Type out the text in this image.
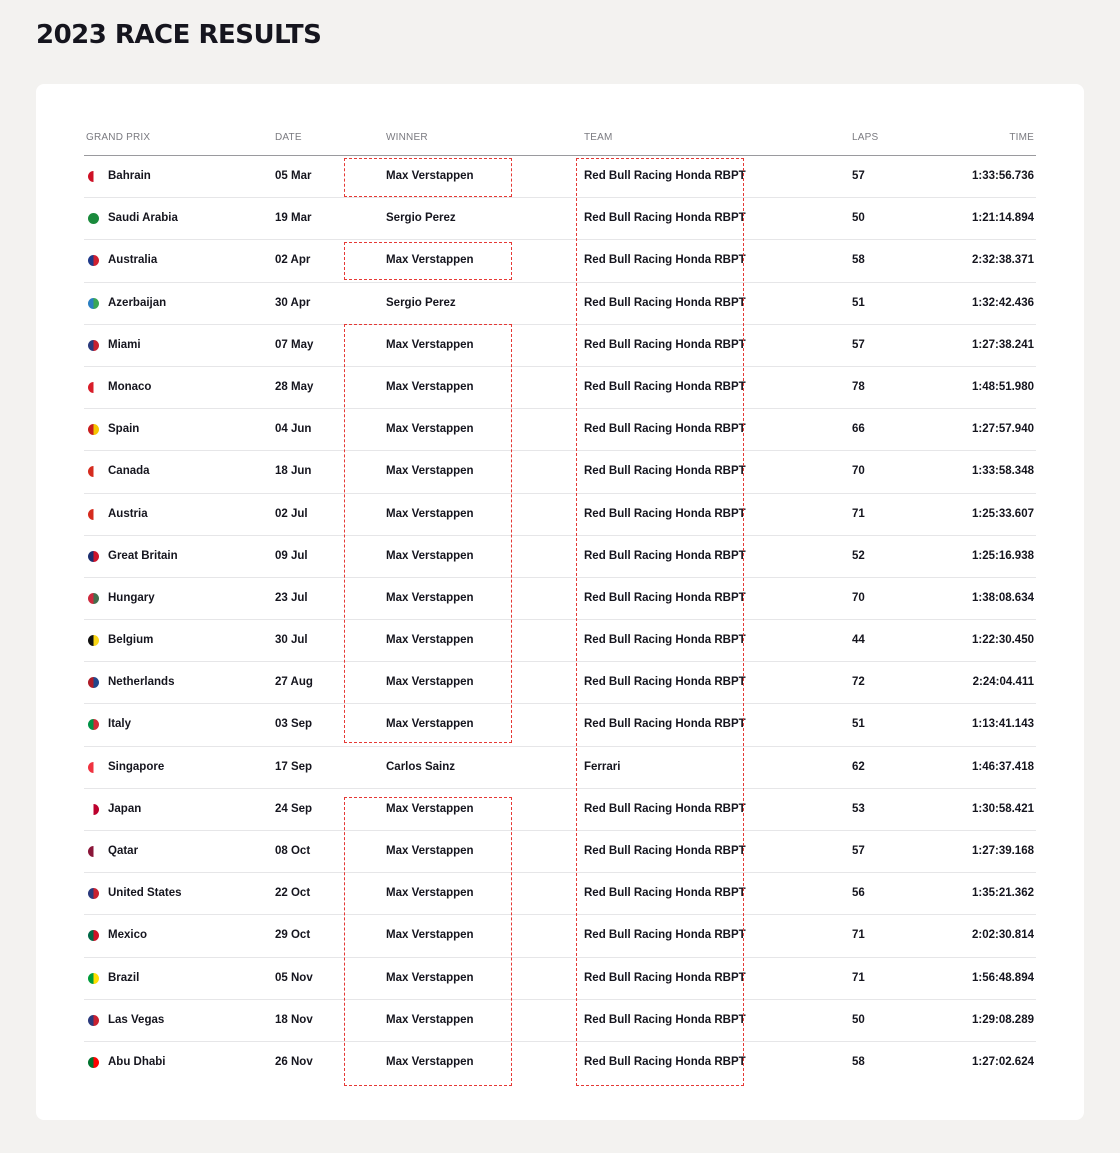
2023 RACE RESULTS
GRAND PRIX	DATE	WINNER	TEAM	LAPS	TIME
Bahrain	05 Mar	Max Verstappen	Red Bull Racing Honda RBPT	57	1:33:56.736
Saudi Arabia	19 Mar	Sergio Perez	Red Bull Racing Honda RBPT	50	1:21:14.894
Australia	02 Apr	Max Verstappen	Red Bull Racing Honda RBPT	58	2:32:38.371
Azerbaijan	30 Apr	Sergio Perez	Red Bull Racing Honda RBPT	51	1:32:42.436
Miami	07 May	Max Verstappen	Red Bull Racing Honda RBPT	57	1:27:38.241
Monaco	28 May	Max Verstappen	Red Bull Racing Honda RBPT	78	1:48:51.980
Spain	04 Jun	Max Verstappen	Red Bull Racing Honda RBPT	66	1:27:57.940
Canada	18 Jun	Max Verstappen	Red Bull Racing Honda RBPT	70	1:33:58.348
Austria	02 Jul	Max Verstappen	Red Bull Racing Honda RBPT	71	1:25:33.607
Great Britain	09 Jul	Max Verstappen	Red Bull Racing Honda RBPT	52	1:25:16.938
Hungary	23 Jul	Max Verstappen	Red Bull Racing Honda RBPT	70	1:38:08.634
Belgium	30 Jul	Max Verstappen	Red Bull Racing Honda RBPT	44	1:22:30.450
Netherlands	27 Aug	Max Verstappen	Red Bull Racing Honda RBPT	72	2:24:04.411
Italy	03 Sep	Max Verstappen	Red Bull Racing Honda RBPT	51	1:13:41.143
Singapore	17 Sep	Carlos Sainz	Ferrari	62	1:46:37.418
Japan	24 Sep	Max Verstappen	Red Bull Racing Honda RBPT	53	1:30:58.421
Qatar	08 Oct	Max Verstappen	Red Bull Racing Honda RBPT	57	1:27:39.168
United States	22 Oct	Max Verstappen	Red Bull Racing Honda RBPT	56	1:35:21.362
Mexico	29 Oct	Max Verstappen	Red Bull Racing Honda RBPT	71	2:02:30.814
Brazil	05 Nov	Max Verstappen	Red Bull Racing Honda RBPT	71	1:56:48.894
Las Vegas	18 Nov	Max Verstappen	Red Bull Racing Honda RBPT	50	1:29:08.289
Abu Dhabi	26 Nov	Max Verstappen	Red Bull Racing Honda RBPT	58	1:27:02.624
